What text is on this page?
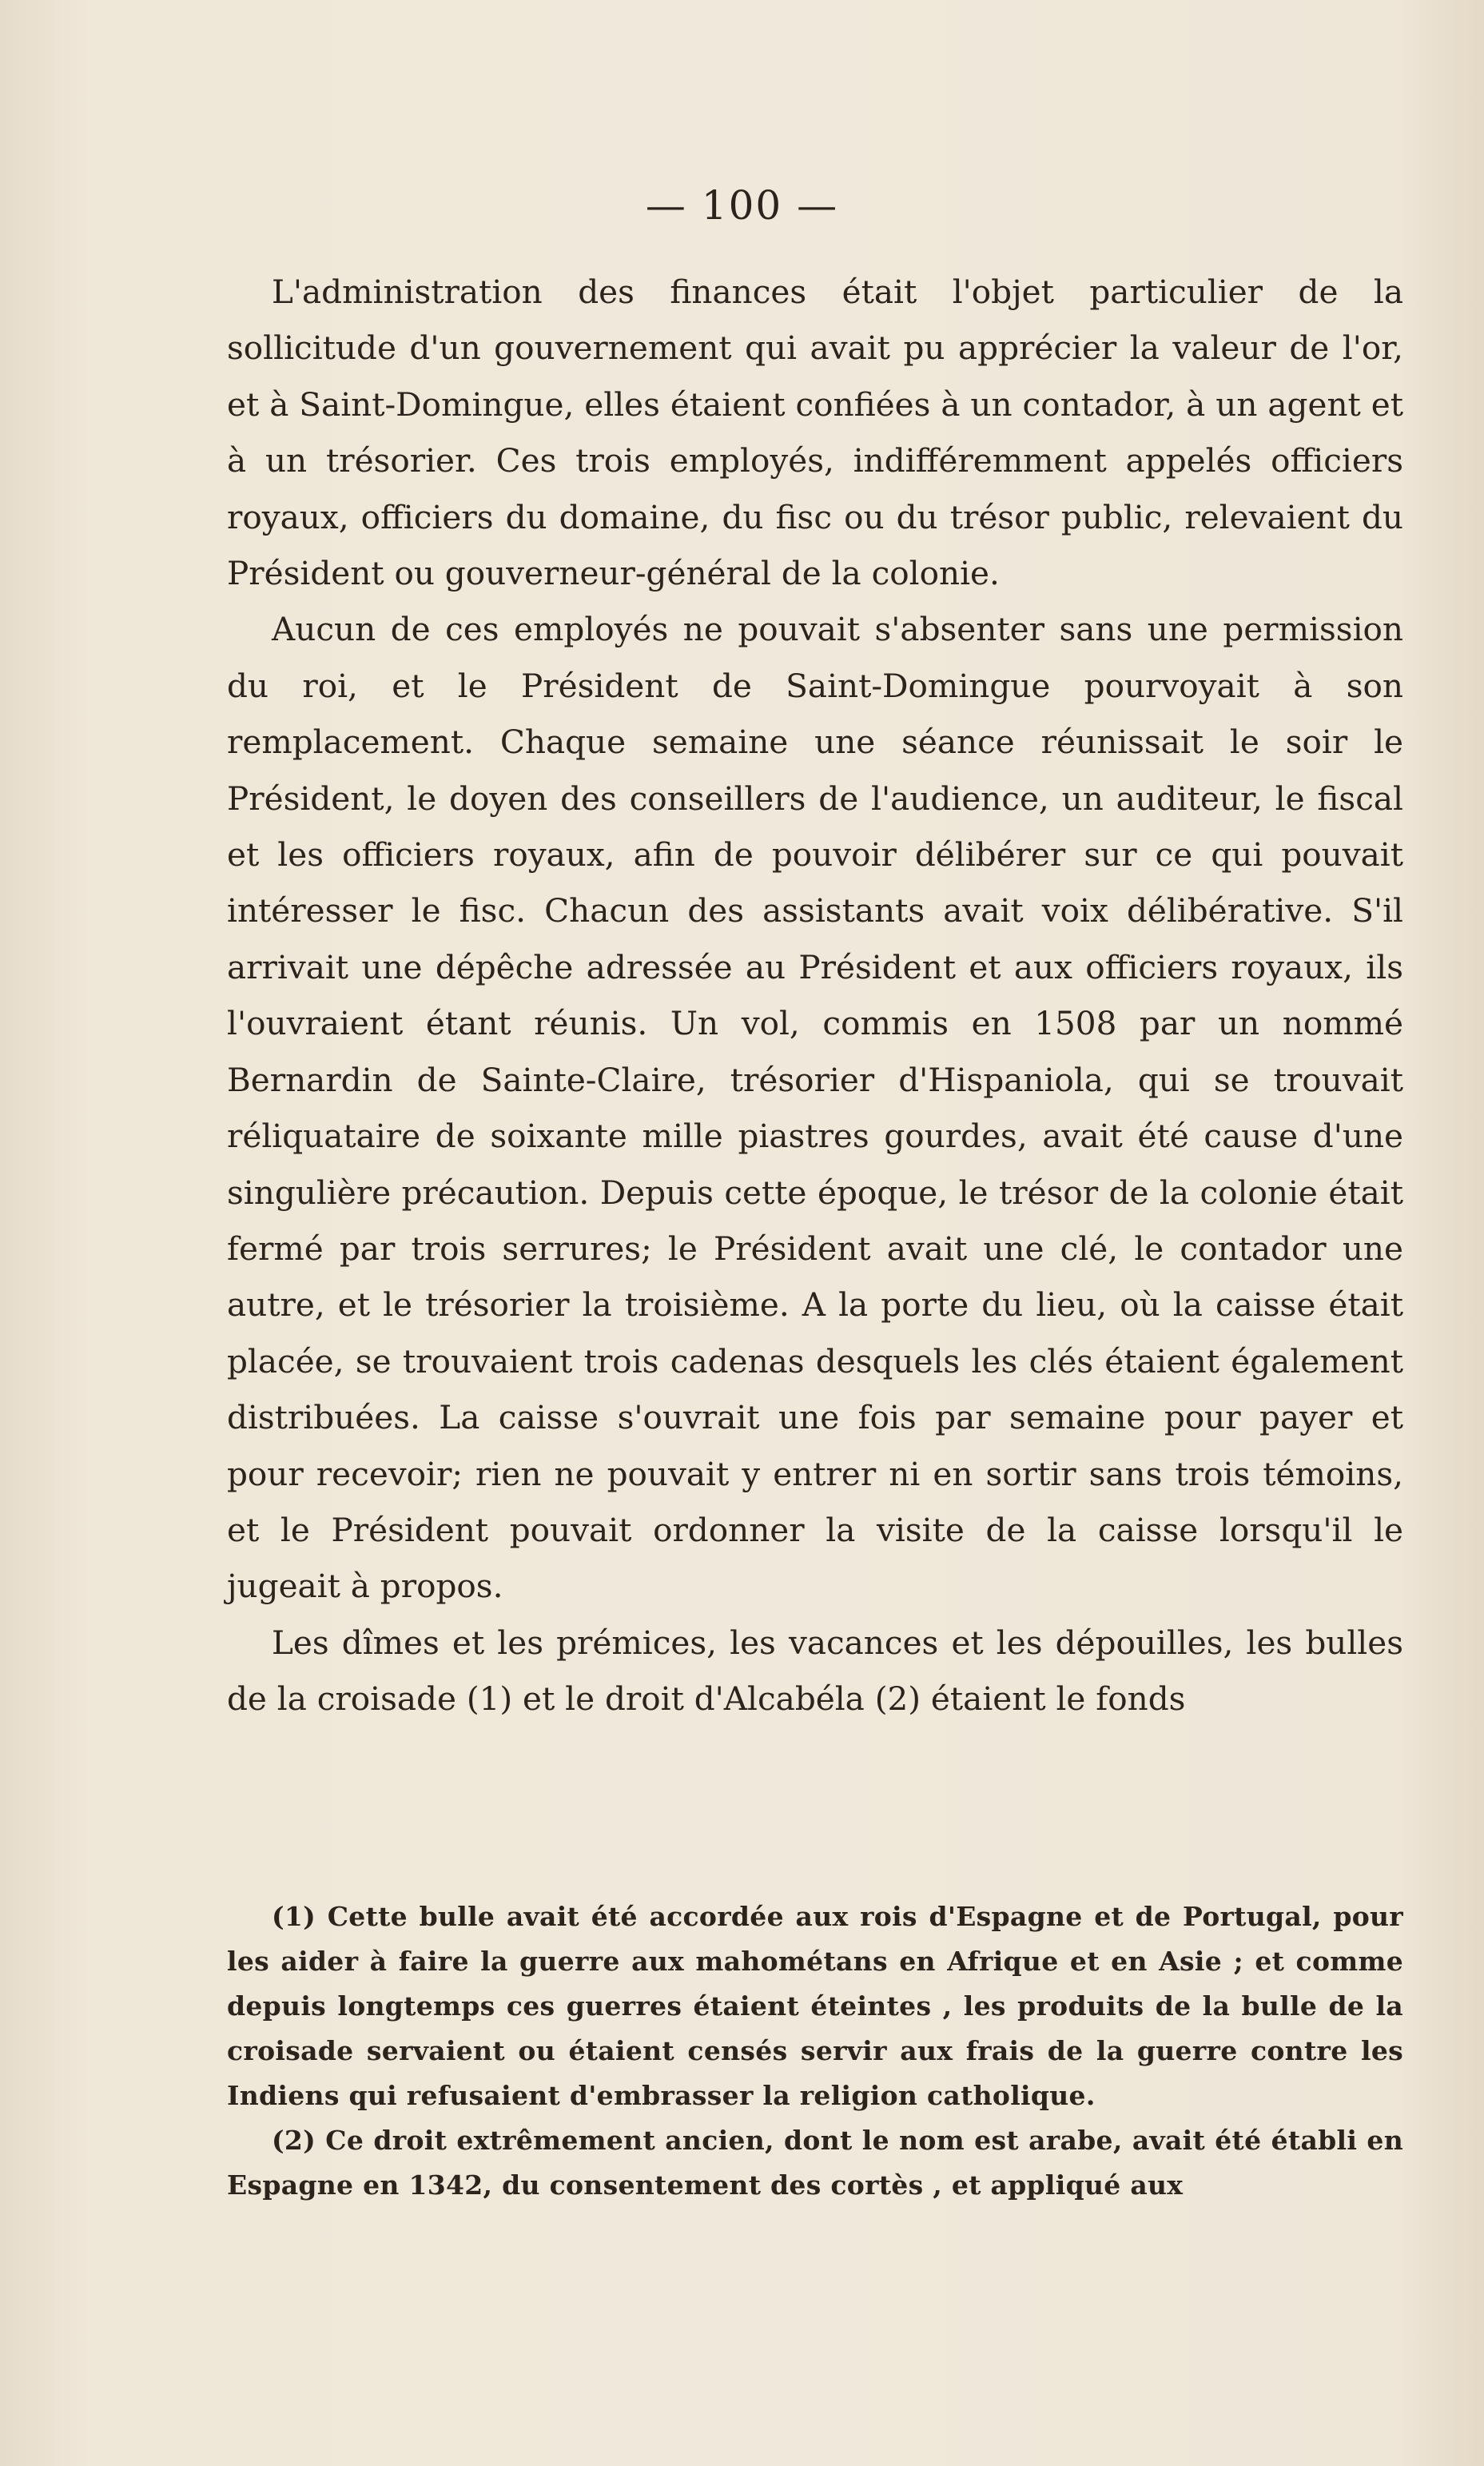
— 100 —

L'administration des finances était l'objet particulier de la sollicitude d'un gouvernement qui avait pu apprécier la valeur de l'or, et à Saint-Domingue, elles étaient confiées à un contador, à un agent et à un trésorier. Ces trois employés, indifféremment appelés officiers royaux, officiers du domaine, du fisc ou du trésor public, relevaient du Président ou gouverneur-général de la colonie.

Aucun de ces employés ne pouvait s'absenter sans une permission du roi, et le Président de Saint-Domingue pourvoyait à son remplacement. Chaque semaine une séance réunissait le soir le Président, le doyen des conseillers de l'audience, un auditeur, le fiscal et les officiers royaux, afin de pouvoir délibérer sur ce qui pouvait intéresser le fisc. Chacun des assistants avait voix délibérative. S'il arrivait une dépêche adressée au Président et aux officiers royaux, ils l'ouvraient étant réunis. Un vol, commis en 1508 par un nommé Bernardin de Sainte-Claire, trésorier d'Hispaniola, qui se trouvait réliquataire de soixante mille piastres gourdes, avait été cause d'une singulière précaution. Depuis cette époque, le trésor de la colonie était fermé par trois serrures; le Président avait une clé, le contador une autre, et le trésorier la troisième. A la porte du lieu, où la caisse était placée, se trouvaient trois cadenas desquels les clés étaient également distribuées. La caisse s'ouvrait une fois par semaine pour payer et pour recevoir; rien ne pouvait y entrer ni en sortir sans trois témoins, et le Président pouvait ordonner la visite de la caisse lorsqu'il le jugeait à propos.

Les dîmes et les prémices, les vacances et les dépouilles, les bulles de la croisade (1) et le droit d'Alcabéla (2) étaient le fonds

(1) Cette bulle avait été accordée aux rois d'Espagne et de Portugal, pour les aider à faire la guerre aux mahométans en Afrique et en Asie ; et comme depuis longtemps ces guerres étaient éteintes , les produits de la bulle de la croisade servaient ou étaient censés servir aux frais de la guerre contre les Indiens qui refusaient d'embrasser la religion catholique.

(2) Ce droit extrêmement ancien, dont le nom est arabe, avait été établi en Espagne en 1342, du consentement des cortès , et appliqué aux
